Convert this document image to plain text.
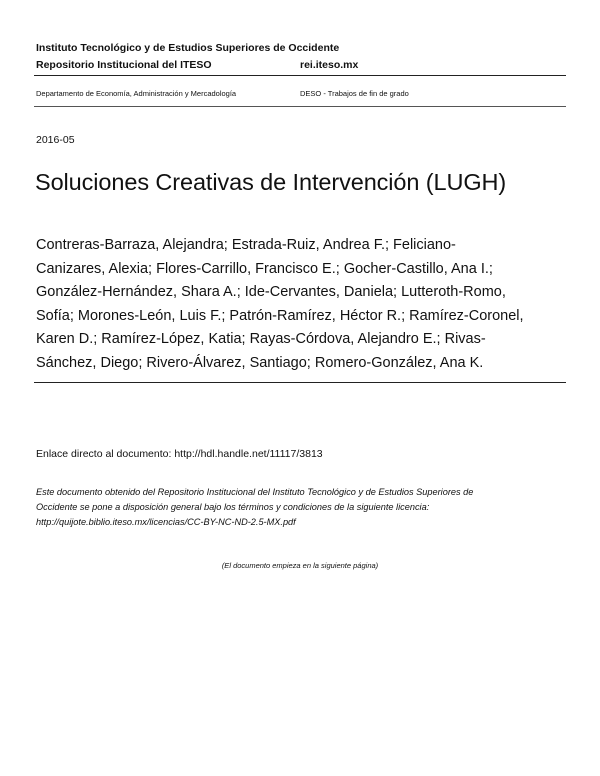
Instituto Tecnológico y de Estudios Superiores de Occidente
Repositorio Institucional del ITESO	rei.iteso.mx
Departamento de Economía, Administración y Mercadología	DESO - Trabajos de fin de grado
2016-05
Soluciones Creativas de Intervención (LUGH)
Contreras-Barraza, Alejandra; Estrada-Ruiz, Andrea F.; Feliciano-
Canizares, Alexia; Flores-Carrillo, Francisco E.; Gocher-Castillo, Ana I.;
González-Hernández, Shara A.; Ide-Cervantes, Daniela; Lutteroth-Romo,
Sofía; Morones-León, Luis F.; Patrón-Ramírez, Héctor R.; Ramírez-Coronel,
Karen D.; Ramírez-López, Katia; Rayas-Córdova, Alejandro E.; Rivas-
Sánchez, Diego; Rivero-Álvarez, Santiago; Romero-González, Ana K.
Enlace directo al documento: http://hdl.handle.net/11117/3813
Este documento obtenido del Repositorio Institucional del Instituto Tecnológico y de Estudios Superiores de
Occidente se pone a disposición general bajo los términos y condiciones de la siguiente licencia:
http://quijote.biblio.iteso.mx/licencias/CC-BY-NC-ND-2.5-MX.pdf
(El documento empieza en la siguiente página)
